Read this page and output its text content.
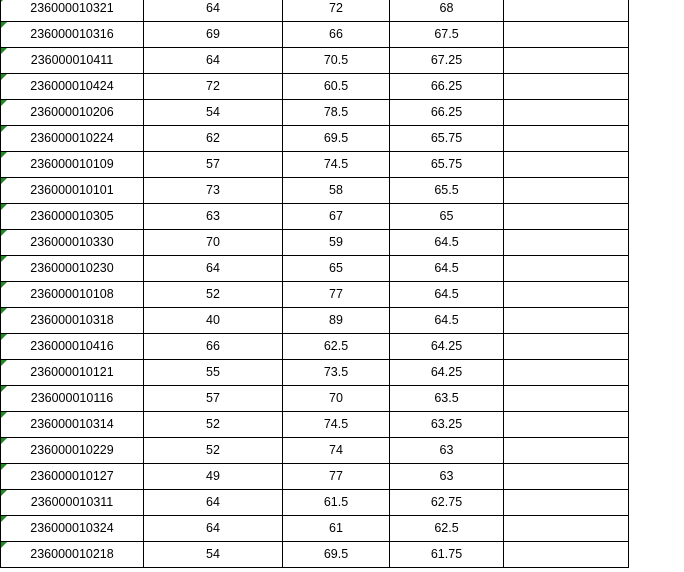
236000010321	64	72	68	

236000010316	69	66	67.5	

236000010411	64	70.5	67.25	

236000010424	72	60.5	66.25	

236000010206	54	78.5	66.25	

236000010224	62	69.5	65.75	

236000010109	57	74.5	65.75	

236000010101	73	58	65.5	

236000010305	63	67	65	

236000010330	70	59	64.5	

236000010230	64	65	64.5	

236000010108	52	77	64.5	

236000010318	40	89	64.5	

236000010416	66	62.5	64.25	

236000010121	55	73.5	64.25	

236000010116	57	70	63.5	

236000010314	52	74.5	63.25	

236000010229	52	74	63	

236000010127	49	77	63	

236000010311	64	61.5	62.75	

236000010324	64	61	62.5	

236000010218	54	69.5	61.75	
